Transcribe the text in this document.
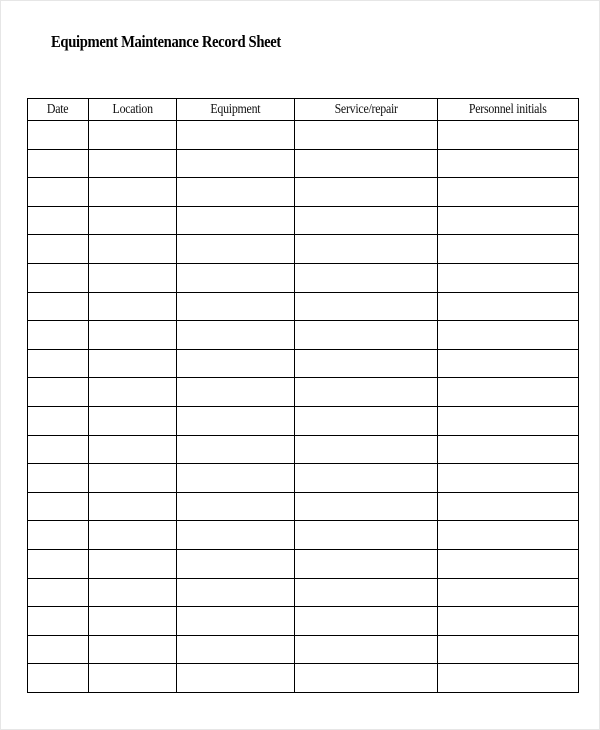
Equipment Maintenance Record Sheet
Date	Location	Equipment	Service/repair	Personnel initials
